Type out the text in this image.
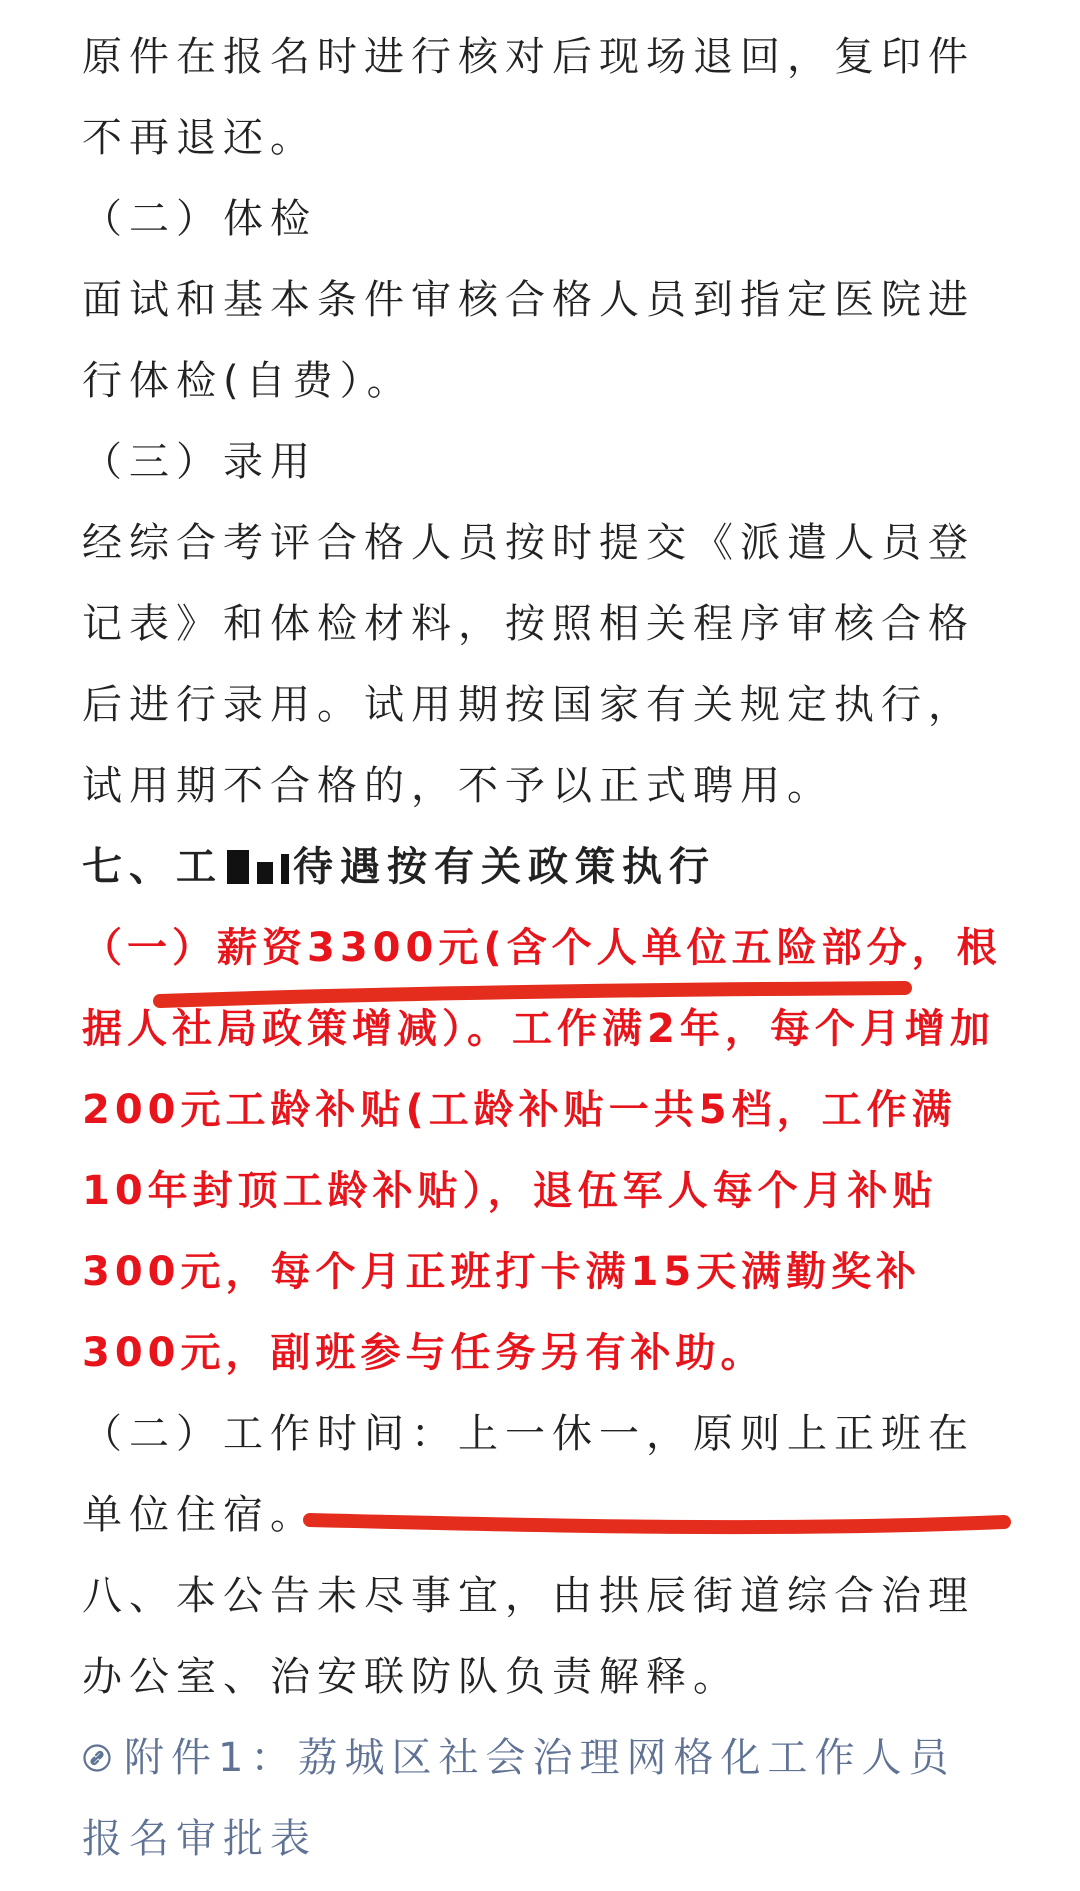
原件在报名时进行核对后现场退回，复印件不再退还。

（二）体检

面试和基本条件审核合格人员到指定医院进行体检(自费）。

（三）录用

经综合考评合格人员按时提交《派遣人员登记表》和体检材料，按照相关程序审核合格后进行录用。试用期按国家有关规定执行，试用期不合格的，不予以正式聘用。

七、工 待遇按有关政策执行

（一）薪资3300元(含个人单位五险部分，根据人社局政策增减）。工作满2年，每个月增加200元工龄补贴(工龄补贴一共5档，工作满10年封顶工龄补贴），退伍军人每个月补贴300元，每个月正班打卡满15天满勤奖补300元，副班参与任务另有补助。

（二）工作时间：上一休一，原则上正班在单位住宿。

八、本公告未尽事宜，由拱辰街道综合治理办公室、治安联防队负责解释。

附件1：荔城区社会治理网格化工作人员报名审批表
